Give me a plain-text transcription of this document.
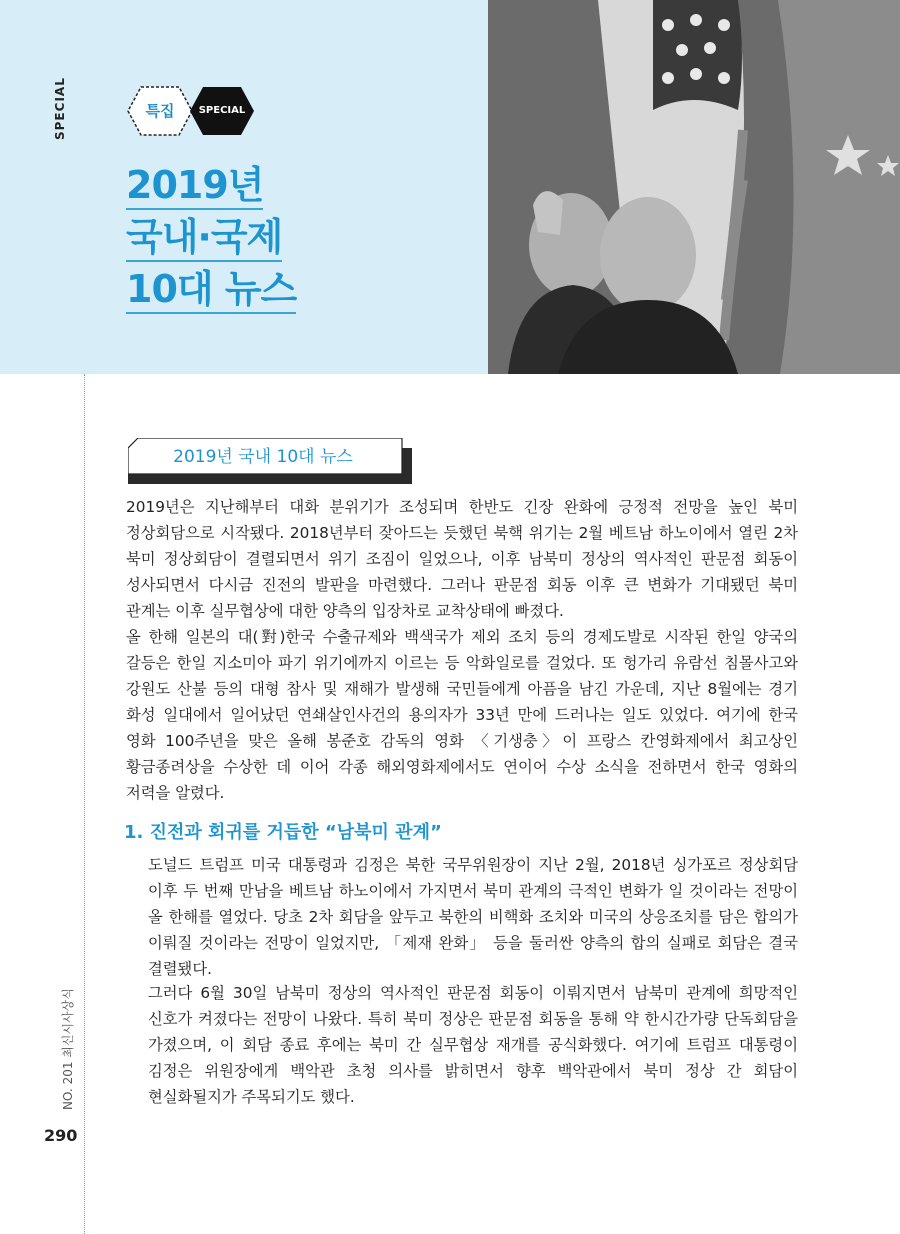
SPECIAL	특집	SPECIAL
2019년
국내·국제
10대 뉴스
2019년 국내 10대 뉴스
2019년은 지난해부터 대화 분위기가 조성되며 한반도 긴장 완화에 긍정적 전망을 높인 북미 정상회담으로 시작됐다. 2018년부터 잦아드는 듯했던 북핵 위기는 2월 베트남 하노이에서 열린 2차 북미 정상회담이 결렬되면서 위기 조짐이 일었으나, 이후 남북미 정상의 역사적인 판문점 회동이 성사되면서 다시금 진전의 발판을 마련했다. 그러나 판문점 회동 이후 큰 변화가 기대됐던 북미 관계는 이후 실무협상에 대한 양측의 입장차로 교착상태에 빠졌다.
올 한해 일본의 대(對)한국 수출규제와 백색국가 제외 조치 등의 경제도발로 시작된 한일 양국의 갈등은 한일 지소미아 파기 위기에까지 이르는 등 악화일로를 걸었다. 또 헝가리 유람선 침몰사고와 강원도 산불 등의 대형 참사 및 재해가 발생해 국민들에게 아픔을 남긴 가운데, 지난 8월에는 경기 화성 일대에서 일어났던 연쇄살인사건의 용의자가 33년 만에 드러나는 일도 있었다. 여기에 한국 영화 100주년을 맞은 올해 봉준호 감독의 영화 〈기생충〉이 프랑스 칸영화제에서 최고상인 황금종려상을 수상한 데 이어 각종 해외영화제에서도 연이어 수상 소식을 전하면서 한국 영화의 저력을 알렸다.
1. 진전과 회귀를 거듭한 “남북미 관계”
도널드 트럼프 미국 대통령과 김정은 북한 국무위원장이 지난 2월, 2018년 싱가포르 정상회담 이후 두 번째 만남을 베트남 하노이에서 가지면서 북미 관계의 극적인 변화가 일 것이라는 전망이 올 한해를 열었다. 당초 2차 회담을 앞두고 북한의 비핵화 조치와 미국의 상응조치를 담은 합의가 이뤄질 것이라는 전망이 일었지만, 「제재 완화」 등을 둘러싼 양측의 합의 실패로 회담은 결국 결렬됐다.
그러다 6월 30일 남북미 정상의 역사적인 판문점 회동이 이뤄지면서 남북미 관계에 희망적인 신호가 켜졌다는 전망이 나왔다. 특히 북미 정상은 판문점 회동을 통해 약 한시간가량 단독회담을 가졌으며, 이 회담 종료 후에는 북미 간 실무협상 재개를 공식화했다. 여기에 트럼프 대통령이 김정은 위원장에게 백악관 초청 의사를 밝히면서 향후 백악관에서 북미 정상 간 회담이 현실화될지가 주목되기도 했다.
NO. 201 최신시사상식
290
